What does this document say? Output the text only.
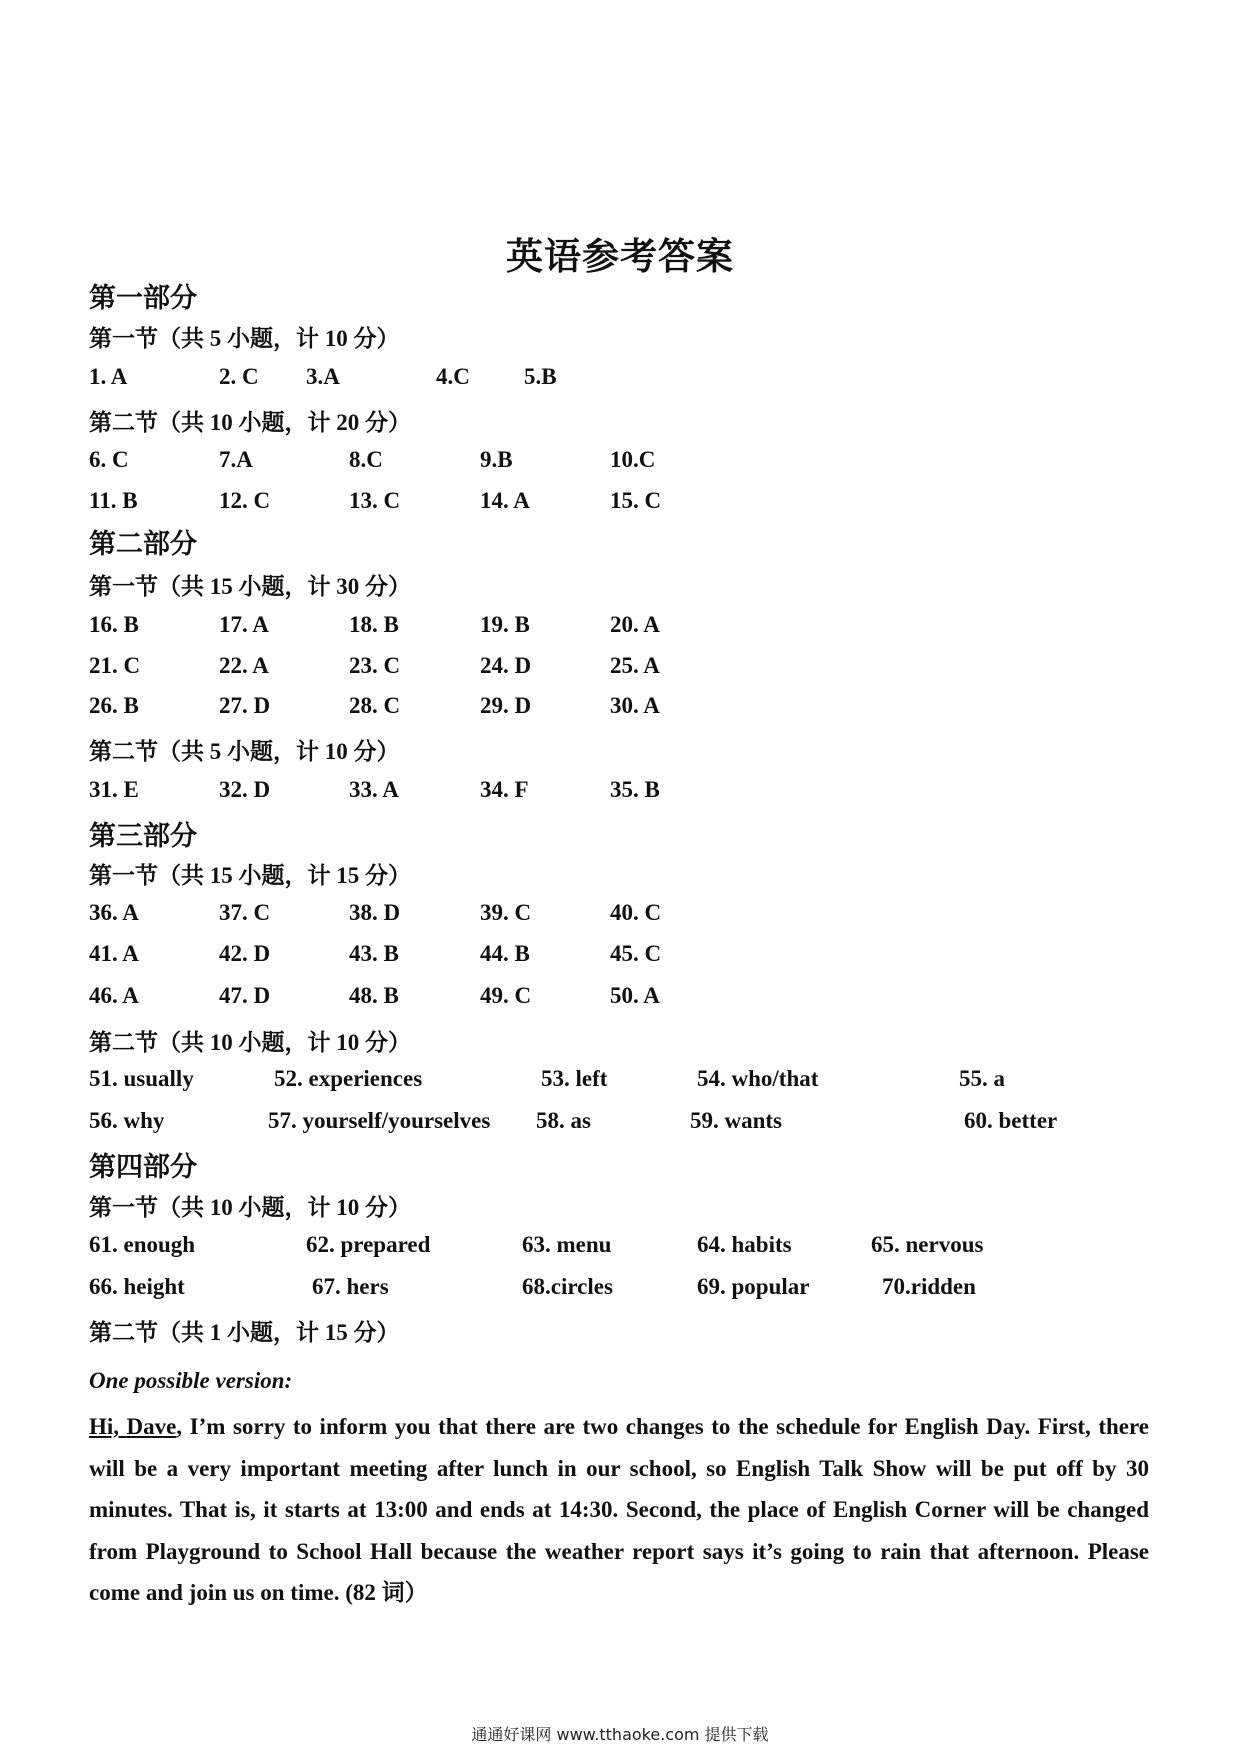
英语参考答案
第一部分
第一节（共 5 小题，计 10 分）
1. A	2. C 3.A	4.C 5.B
第二节（共 10 小题，计 20 分）
6. C	7.A	8.C	9.B	10.C
11. B	12. C	13. C	14. A	15. C
第二部分
第一节（共 15 小题，计 30 分）
16. B	17. A	18. B	19. B	20. A
21. C	22. A	23. C	24. D	25. A
26. B	27. D	28. C	29. D	30. A
第二节（共 5 小题，计 10 分）
31. E	32. D	33. A	34. F	35. B
第三部分
第一节（共 15 小题，计 15 分）
36. A	37. C	38. D	39. C	40. C
41. A	42. D	43. B	44. B	45. C
46. A	47. D	48. B	49. C	50. A
第二节（共 10 小题，计 10 分）
51. usually	52. experiences	53. left	54. who/that	55. a
56. why	57. yourself/yourselves 58. as	59. wants	60. better
第四部分
第一节（共 10 小题，计 10 分）
61. enough	62. prepared	63. menu	64. habits	65. nervous
66. height	67. hers	68.circles	69. popular	70.ridden
第二节（共 1 小题，计 15 分）
One possible version:
Hi, Dave, I’m sorry to inform you that there are two changes to the schedule for English Day. First, there will be a very important meeting after lunch in our school, so English Talk Show will be put off by 30 minutes. That is, it starts at 13:00 and ends at 14:30. Second, the place of English Corner will be changed from Playground to School Hall because the weather report says it’s going to rain that afternoon. Please come and join us on time. (82 词）
通通好课网 www.tthaoke.com 提供下载
